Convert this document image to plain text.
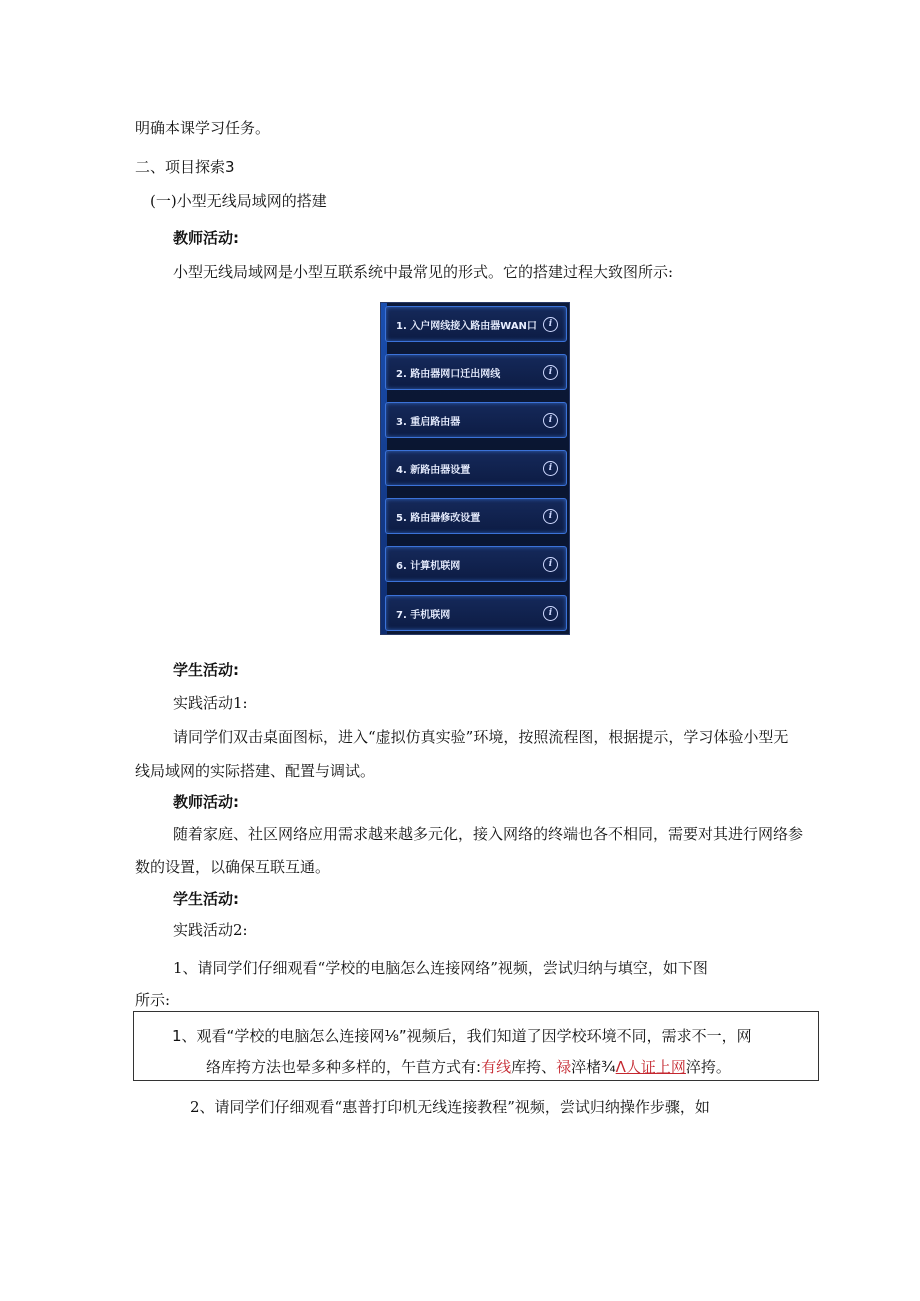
明确本课学习任务。
二、项目探索3
(一)小型无线局域网的搭建
教师活动:
小型无线局域网是小型互联系统中最常见的形式。它的搭建过程大致图所示:
1. 入户网线接入路由器WAN口	i
2. 路由器网口迁出网线	i
3. 重启路由器	i
4. 新路由器设置	i
5. 路由器修改设置	i
6. 计算机联网	i
7. 手机联网	i
学生活动:
实践活动1:
请同学们双击桌面图标，进入“虚拟仿真实验”环境，按照流程图，根据提示，学习体验小型无
线局域网的实际搭建、配置与调试。
教师活动:
随着家庭、社区网络应用需求越来越多元化，接入网络的终端也各不相同，需要对其进行网络参
数的设置，以确保互联互通。
学生活动:
实践活动2:
1、请同学们仔细观看“学校的电脑怎么连接网络”视频，尝试归纳与填空，如下图
所示:
1、观看“学校的电脑怎么连接网⅛”视频后，我们知道了因学校环境不同，需求不一，网
络库挎方法也晕多种多样的，午苣方式有:有线库挎、禄淬楮¾Λ人证上网淬挎。
2、请同学们仔细观看“惠普打印机无线连接教程”视频，尝试归纳操作步骤，如
